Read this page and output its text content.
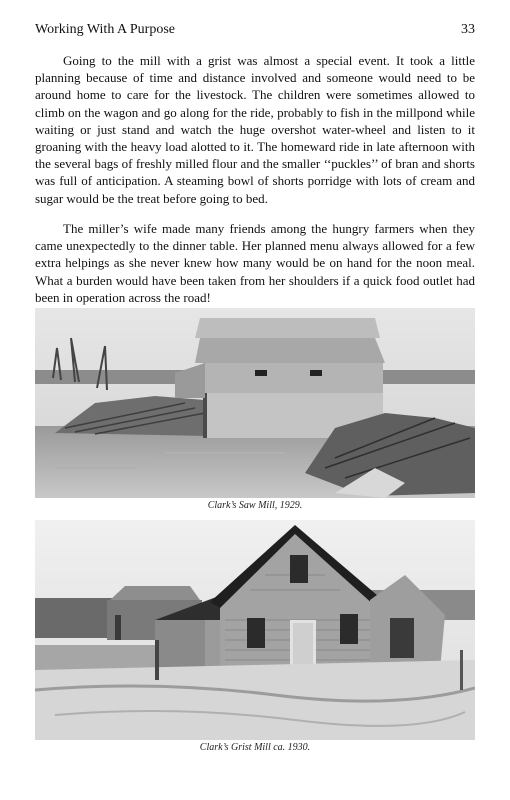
Working With A Purpose	33

Going to the mill with a grist was almost a special event. It took a little planning because of time and distance involved and someone would need to be around home to care for the livestock. The children were sometimes allowed to climb on the wagon and go along for the ride, probably to fish in the millpond while waiting or just stand and watch the huge overshot water-wheel and listen to it groaning with the heavy load alotted to it. The homeward ride in late afternoon with the several bags of freshly milled flour and the smaller ‘‘puckles’’ of bran and shorts was full of anticipation. A steaming bowl of shorts porridge with lots of cream and sugar would be the treat before going to bed.

The miller’s wife made many friends among the hungry farmers when they came unexpectedly to the dinner table. Her planned menu always allowed for a few extra helpings as she never knew how many would be on hand for the noon meal. What a burden would have been taken from her shoulders if a quick food outlet had been in operation across the road!

Clark’s Saw Mill, 1929.
Clark’s Grist Mill ca. 1930.
